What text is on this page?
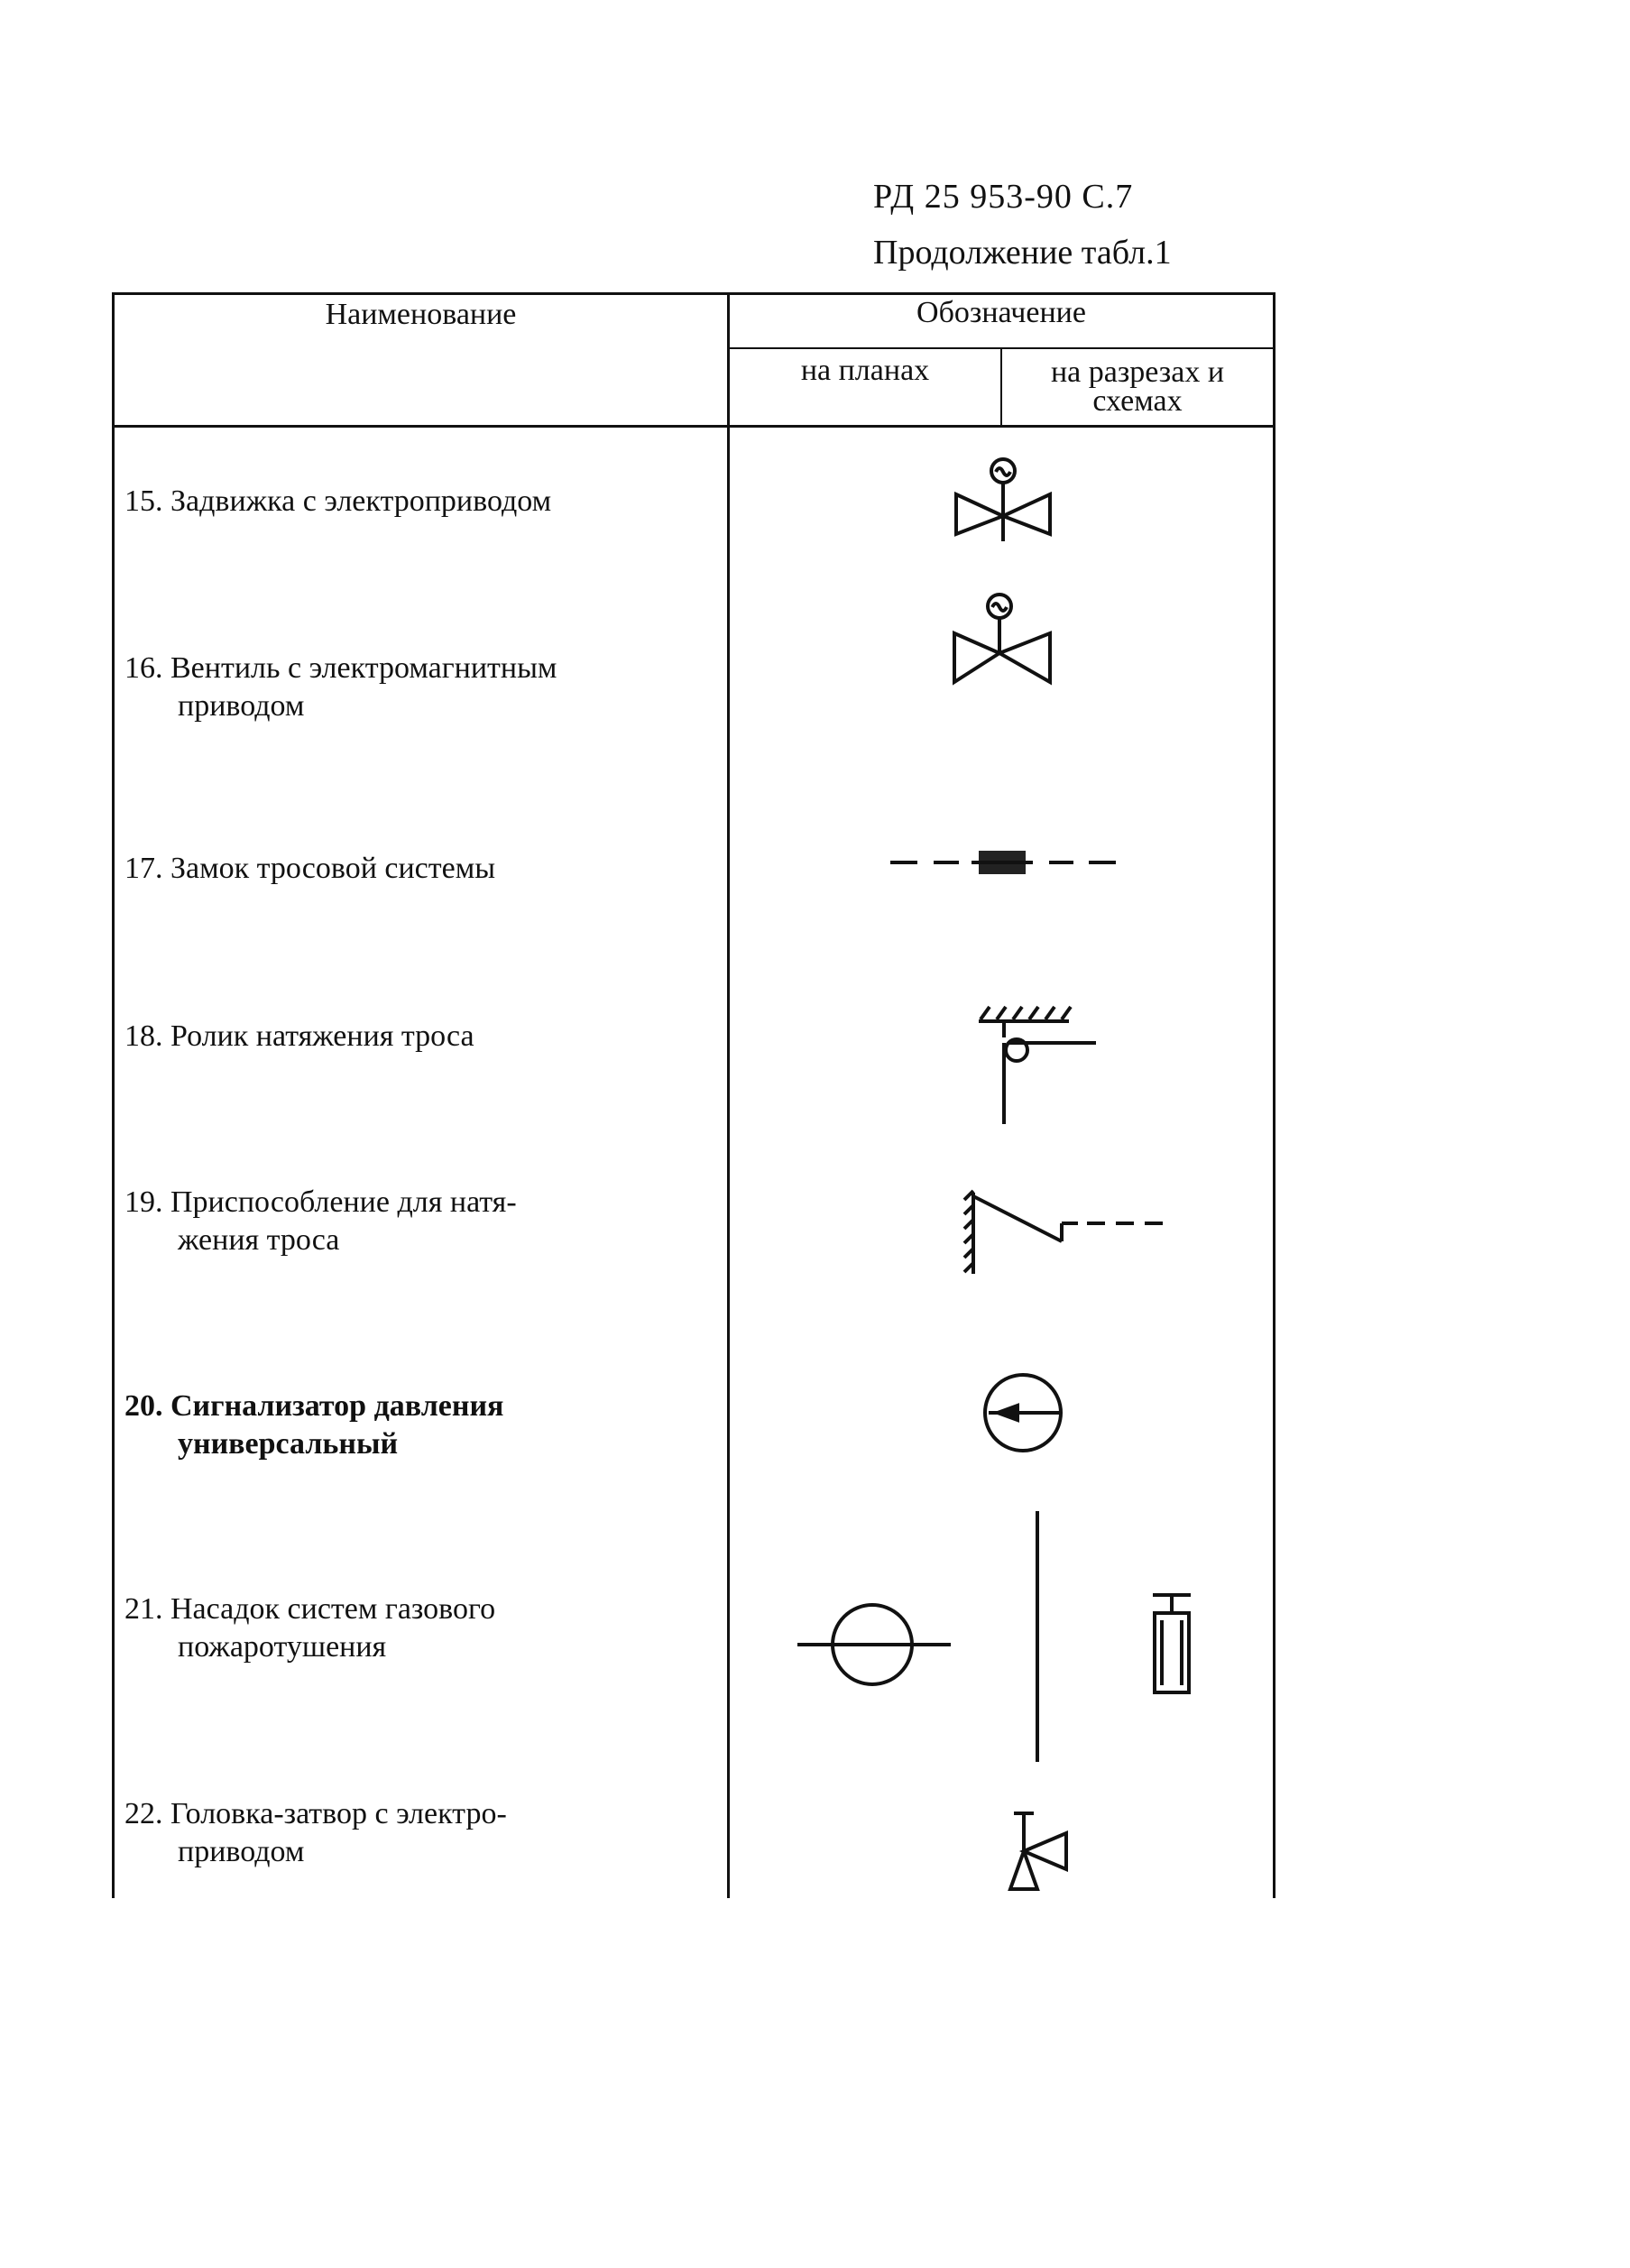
РД 25 953-90 С.7
Продолжение табл.1
Наименование	Обозначение
на планах	на разрезах и
схемах
15. Задвижка с электроприводом
16. Вентиль с электромагнитным
приводом
17. Замок тросовой системы
18. Ролик натяжения троса
19. Приспособление для натя-
жения троса
20. Сигнализатор давления
универсальный
21. Насадок систем газового
пожаротушения
22. Головка-затвор с электро-
приводом
